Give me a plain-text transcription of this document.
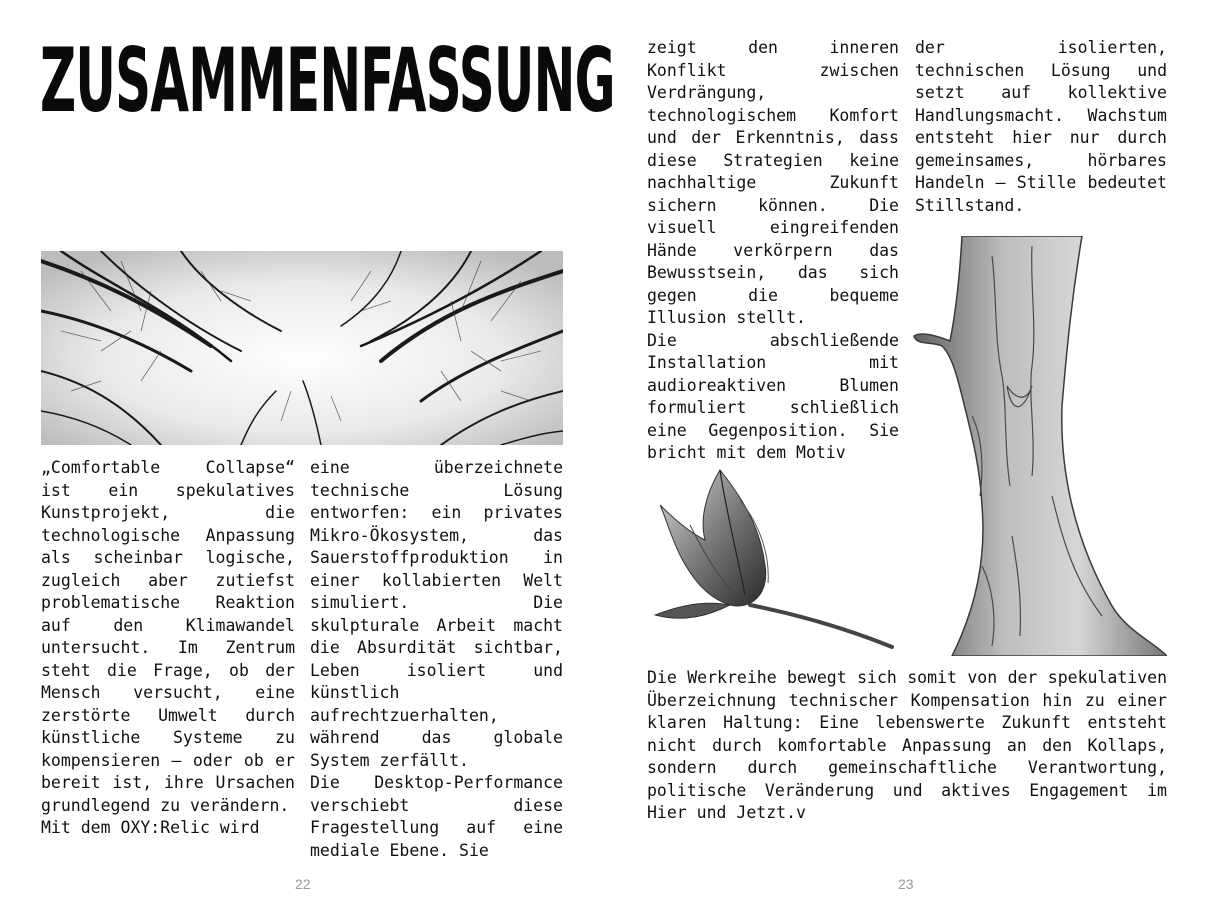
ZUSAMMENFASSUNG

„Comfortable Collapse“ ist ein spekulatives Kunstprojekt, die technologische Anpassung als scheinbar logische, zugleich aber zutiefst problematische Reaktion auf den Klimawandel untersucht. Im Zentrum steht die Frage, ob der Mensch versucht, eine zerstörte Umwelt durch künstliche Systeme zu kompensieren – oder ob er bereit ist, ihre Ursachen grundlegend zu verändern.

Mit dem OXY:Relic wird

eine überzeichnete technische Lösung entworfen: ein privates Mikro-Ökosystem, das Sauerstoffproduktion in einer kollabierten Welt simuliert. Die skulpturale Arbeit macht die Absurdität sichtbar, Leben isoliert und künstlich aufrechtzuerhalten, während das globale System zerfällt.

Die Desktop-Performance verschiebt diese Fragestellung auf eine mediale Ebene. Sie

22

zeigt den inneren Konflikt zwischen Verdrängung, technologischem Komfort und der Erkenntnis, dass diese Strategien keine nachhaltige Zukunft sichern können. Die visuell eingreifenden Hände verkörpern das Bewusstsein, das sich gegen die bequeme Illusion stellt.

Die abschließende Installation mit audioreaktiven Blumen formuliert schließlich eine Gegenposition. Sie bricht mit dem Motiv

der isolierten, technischen Lösung und setzt auf kollektive Handlungsmacht. Wachstum entsteht hier nur durch gemeinsames, hörbares Handeln – Stille bedeutet Stillstand.

Die Werkreihe bewegt sich somit von der spekulativen Überzeichnung technischer Kompensation hin zu einer klaren Haltung: Eine lebenswerte Zukunft entsteht nicht durch komfortable Anpassung an den Kollaps, sondern durch gemeinschaftliche Verantwortung, politische Veränderung und aktives Engagement im Hier und Jetzt.v

23
